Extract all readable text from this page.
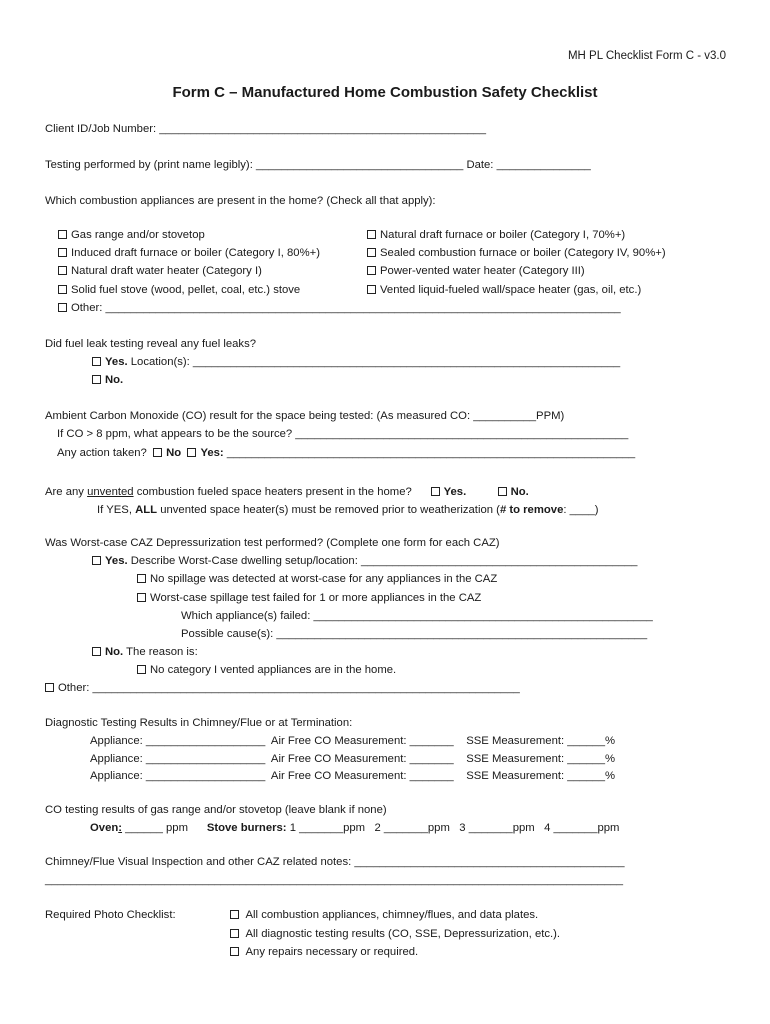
MH PL Checklist Form C - v3.0
Form C – Manufactured Home Combustion Safety Checklist
Client ID/Job Number: ____________________________________________________
Testing performed by (print name legibly): _________________________________ Date: _______________
Which combustion appliances are present in the home? (Check all that apply):
Gas range and/or stovetop
Induced draft furnace or boiler (Category I, 80%+)
Natural draft water heater (Category I)
Solid fuel stove (wood, pellet, coal, etc.) stove
Other: __________________________________________________________________________________
Natural draft furnace or boiler (Category I, 70%+)
Sealed combustion furnace or boiler (Category IV, 90%+)
Power-vented water heater (Category III)
Vented liquid-fueled wall/space heater (gas, oil, etc.)
Did fuel leak testing reveal any fuel leaks?
Yes. Location(s): ____________________________________________________________________
No.
Ambient Carbon Monoxide (CO) result for the space being tested: (As measured CO: __________PPM)
If CO > 8 ppm, what appears to be the source? _____________________________________________________
Any action taken? No Yes: _________________________________________________________________
Are any unvented combustion fueled space heaters present in the home?	Yes.	No.
If YES, ALL unvented space heater(s) must be removed prior to weatherization (# to remove: ____)
Was Worst-case CAZ Depressurization test performed? (Complete one form for each CAZ)
Yes. Describe Worst-Case dwelling setup/location: ____________________________________________
No spillage was detected at worst-case for any appliances in the CAZ
Worst-case spillage test failed for 1 or more appliances in the CAZ
Which appliance(s) failed: ______________________________________________________
Possible cause(s): ___________________________________________________________
No. The reason is:
No category I vented appliances are in the home.
Other: ____________________________________________________________________
Diagnostic Testing Results in Chimney/Flue or at Termination:
Appliance: ___________________  Air Free CO Measurement: _______    SSE Measurement: ______%
Appliance: ___________________  Air Free CO Measurement: _______    SSE Measurement: ______%
Appliance: ___________________  Air Free CO Measurement: _______    SSE Measurement: ______%
CO testing results of gas range and/or stovetop (leave blank if none)
Oven: ______ ppm Stove burners: 1 _______ppm   2 _______ppm   3 _______ppm   4 _______ppm
Chimney/Flue Visual Inspection and other CAZ related notes: ___________________________________________
____________________________________________________________________________________________
Required Photo Checklist:	All combustion appliances, chimney/flues, and data plates.
All diagnostic testing results (CO, SSE, Depressurization, etc.).
Any repairs necessary or required.
